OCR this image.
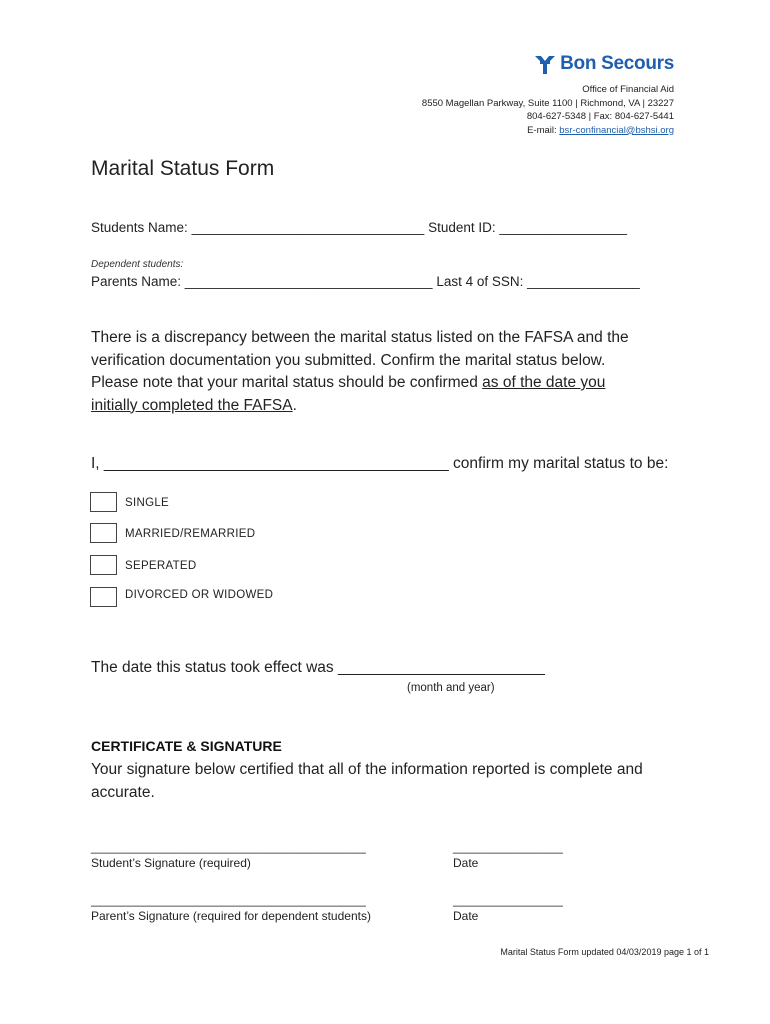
Bon Secours
Office of Financial Aid
8550 Magellan Parkway, Suite 1100 | Richmond, VA | 23227
804-627-5348 | Fax: 804-627-5441
E-mail: bsr-confinancial@bshsi.org
Marital Status Form
Students Name: _______________________________ Student ID: _________________
Dependent students:
Parents Name: _________________________________ Last 4 of SSN: _______________
There is a discrepancy between the marital status listed on the FAFSA and the
verification documentation you submitted. Confirm the marital status below.
Please note that your marital status should be confirmed as of the date you
initially completed the FAFSA.
I, ________________________________________ confirm my marital status to be:
SINGLE
MARRIED/REMARRIED
SEPERATED
DIVORCED OR WIDOWED
The date this status took effect was ________________________
(month and year)
CERTIFICATE & SIGNATURE
Your signature below certified that all of the information reported is complete and accurate.
________________________________________
Student’s Signature (required)
________________
Date
________________________________________
Parent’s Signature (required for dependent students)
________________
Date
Marital Status Form updated 04/03/2019 page 1 of 1
